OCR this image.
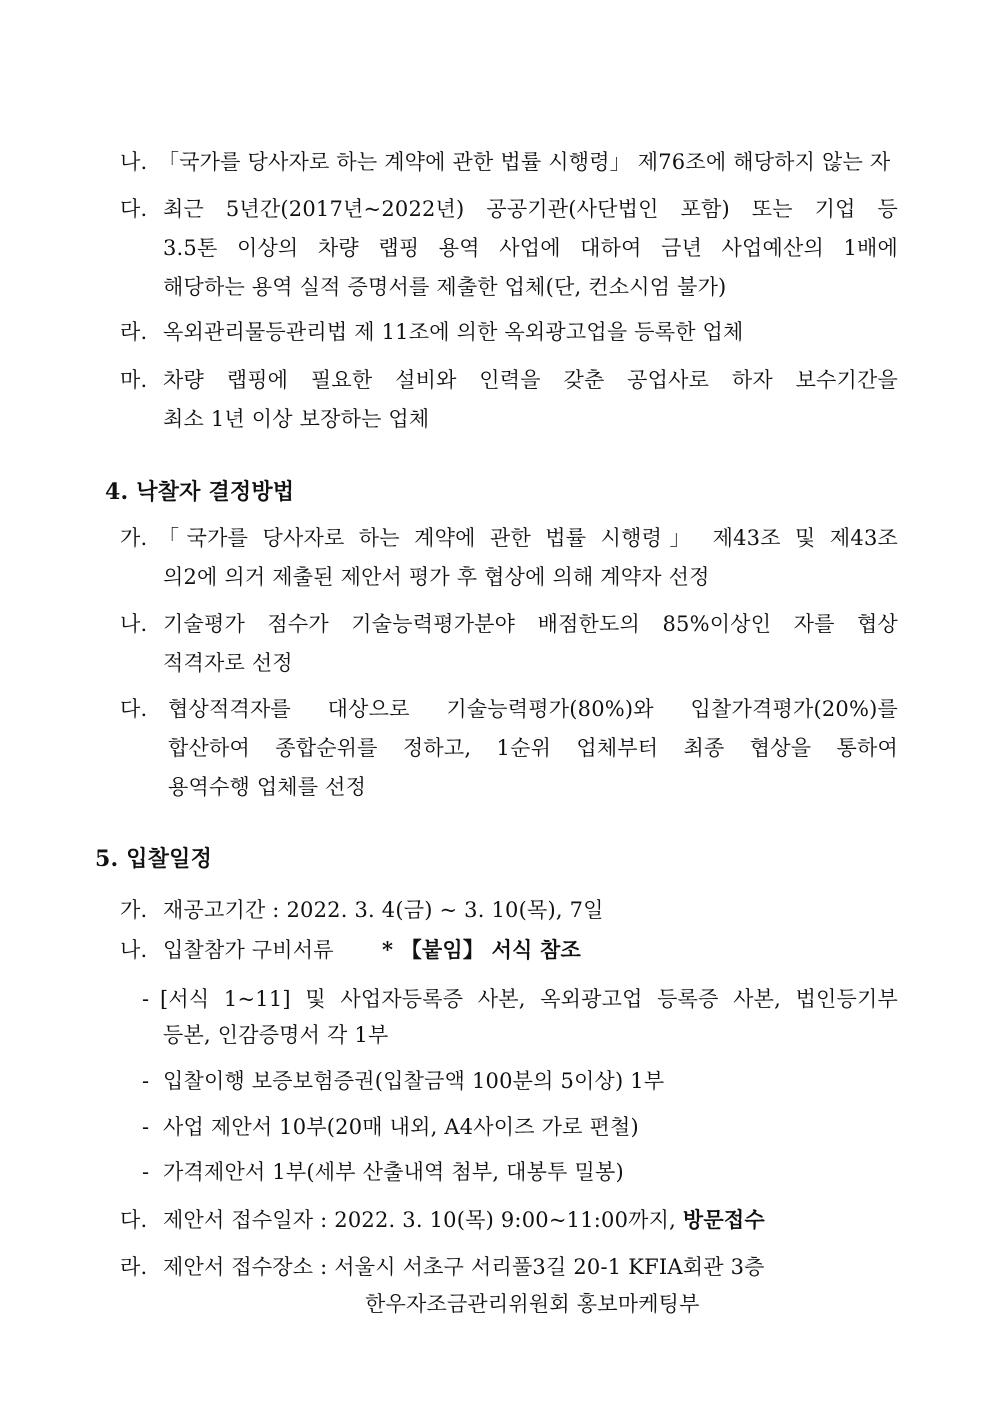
나. 「국가를 당사자로 하는 계약에 관한 법률 시행령」 제76조에 해당하지 않는 자
다. 최근 5년간(2017년~2022년) 공공기관(사단법인 포함) 또는 기업 등
3.5톤 이상의 차량 랩핑 용역 사업에 대하여 금년 사업예산의 1배에
해당하는 용역 실적 증명서를 제출한 업체(단, 컨소시엄 불가)
라. 옥외관리물등관리법 제 11조에 의한 옥외광고업을 등록한 업체
마. 차량 랩핑에 필요한 설비와 인력을 갖춘 공업사로 하자 보수기간을
최소 1년 이상 보장하는 업체
4. 낙찰자 결정방법
가. 「국가를 당사자로 하는 계약에 관한 법률 시행령」 제43조 및 제43조
의2에 의거 제출된 제안서 평가 후 협상에 의해 계약자 선정
나. 기술평가 점수가 기술능력평가분야 배점한도의 85%이상인 자를 협상
적격자로 선정
다. 협상적격자를 대상으로 기술능력평가(80%)와 입찰가격평가(20%)를
합산하여 종합순위를 정하고, 1순위 업체부터 최종 협상을 통하여
용역수행 업체를 선정
5. 입찰일정
가. 재공고기간 : 2022. 3. 4(금) ~ 3. 10(목), 7일
나. 입찰참가 구비서류 * 【붙임】 서식 참조
- [서식 1~11] 및 사업자등록증 사본, 옥외광고업 등록증 사본, 법인등기부
등본, 인감증명서 각 1부
- 입찰이행 보증보험증권(입찰금액 100분의 5이상) 1부
- 사업 제안서 10부(20매 내외, A4사이즈 가로 편철)
- 가격제안서 1부(세부 산출내역 첨부, 대봉투 밀봉)
다. 제안서 접수일자 : 2022. 3. 10(목) 9:00~11:00까지, 방문접수
라. 제안서 접수장소 : 서울시 서초구 서리풀3길 20-1 KFIA회관 3층
한우자조금관리위원회 홍보마케팅부
